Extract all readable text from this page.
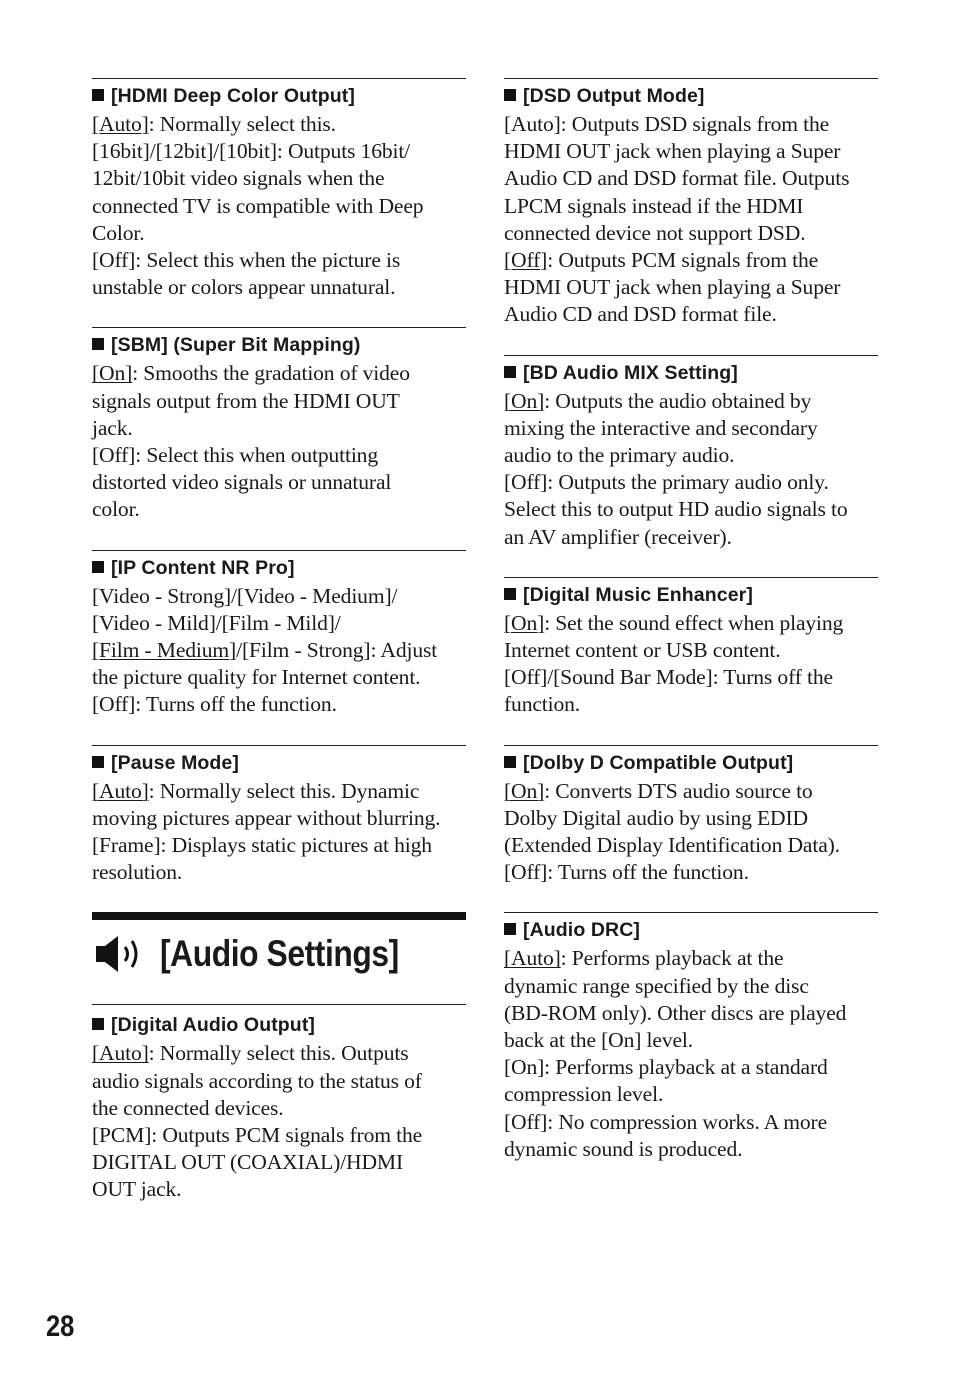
[HDMI Deep Color Output]

[Auto]: Normally select this.

[16bit]/[12bit]/[10bit]: Outputs 16bit/

12bit/10bit video signals when the

connected TV is compatible with Deep

Color.

[Off]: Select this when the picture is

unstable or colors appear unnatural.

[SBM] (Super Bit Mapping)

[On]: Smooths the gradation of video

signals output from the HDMI OUT

jack.

[Off]: Select this when outputting

distorted video signals or unnatural

color.

[IP Content NR Pro]

[Video - Strong]/[Video - Medium]/

[Video - Mild]/[Film - Mild]/

[Film - Medium]/[Film - Strong]: Adjust

the picture quality for Internet content.

[Off]: Turns off the function.

[Pause Mode]

[Auto]: Normally select this. Dynamic

moving pictures appear without blurring.

[Frame]: Displays static pictures at high

resolution.

[Audio Settings]
[Digital Audio Output]

[Auto]: Normally select this. Outputs

audio signals according to the status of

the connected devices.

[PCM]: Outputs PCM signals from the

DIGITAL OUT (COAXIAL)/HDMI

OUT jack.

[DSD Output Mode]

[Auto]: Outputs DSD signals from the

HDMI OUT jack when playing a Super

Audio CD and DSD format file. Outputs

LPCM signals instead if the HDMI

connected device not support DSD.

[Off]: Outputs PCM signals from the

HDMI OUT jack when playing a Super

Audio CD and DSD format file.

[BD Audio MIX Setting]

[On]: Outputs the audio obtained by

mixing the interactive and secondary

audio to the primary audio.

[Off]: Outputs the primary audio only.

Select this to output HD audio signals to

an AV amplifier (receiver).

[Digital Music Enhancer]

[On]: Set the sound effect when playing

Internet content or USB content.

[Off]/[Sound Bar Mode]: Turns off the

function.

[Dolby D Compatible Output]

[On]: Converts DTS audio source to

Dolby Digital audio by using EDID

(Extended Display Identification Data).

[Off]: Turns off the function.

[Audio DRC]

[Auto]: Performs playback at the

dynamic range specified by the disc

(BD-ROM only). Other discs are played

back at the [On] level.

[On]: Performs playback at a standard

compression level.

[Off]: No compression works. A more

dynamic sound is produced.

28
